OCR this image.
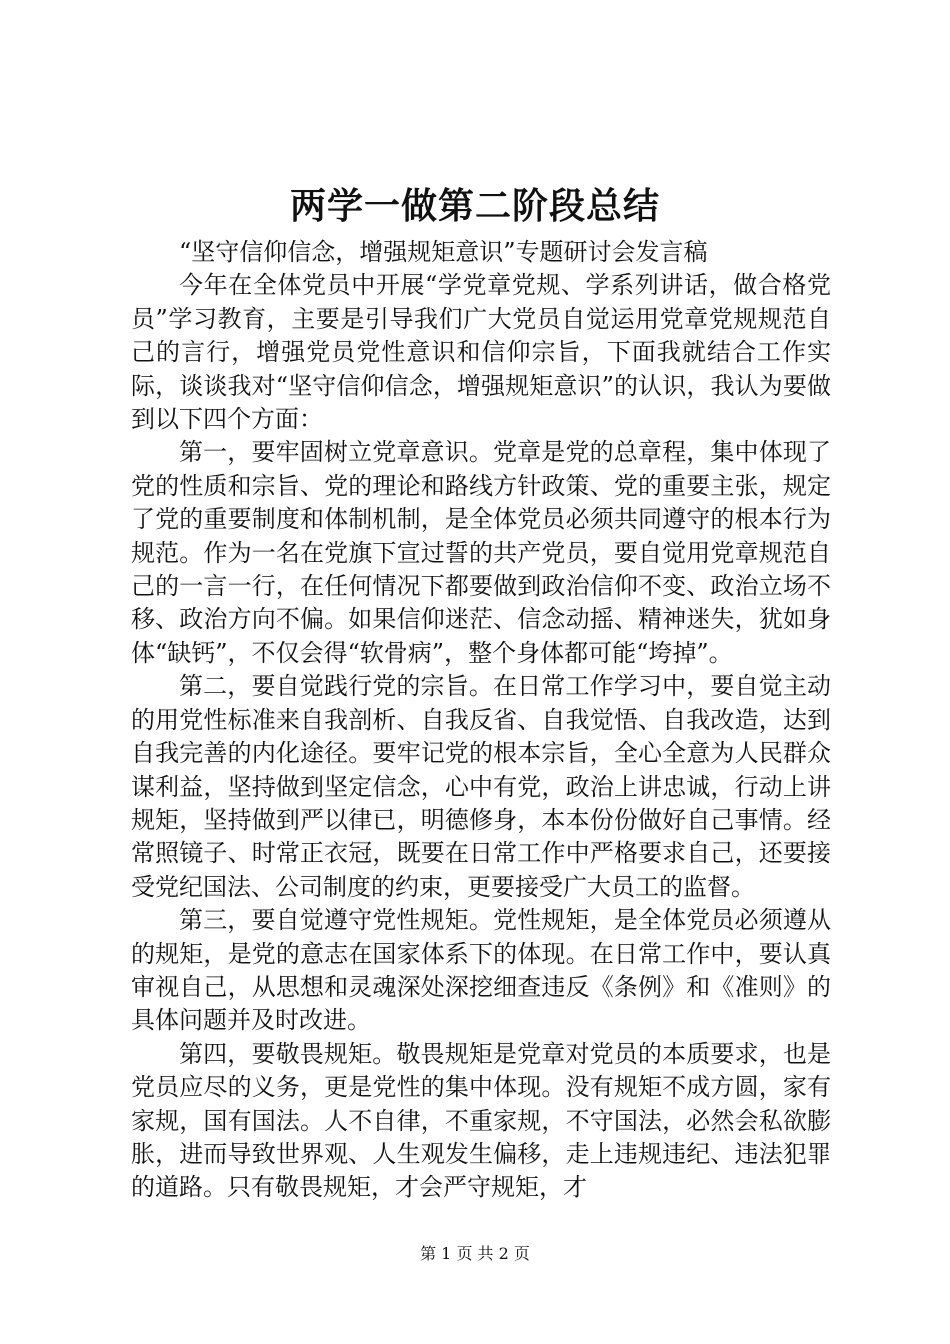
两学一做第二阶段总结

“坚守信仰信念，增强规矩意识”专题研讨会发言稿

今年在全体党员中开展“学党章党规、学系列讲话，做合格党员”学习教育，主要是引导我们广大党员自觉运用党章党规规范自己的言行，增强党员党性意识和信仰宗旨，下面我就结合工作实际，谈谈我对“坚守信仰信念，增强规矩意识”的认识，我认为要做到以下四个方面：

第一，要牢固树立党章意识。党章是党的总章程，集中体现了党的性质和宗旨、党的理论和路线方针政策、党的重要主张，规定了党的重要制度和体制机制，是全体党员必须共同遵守的根本行为规范。作为一名在党旗下宣过誓的共产党员，要自觉用党章规范自己的一言一行，在任何情况下都要做到政治信仰不变、政治立场不移、政治方向不偏。如果信仰迷茫、信念动摇、精神迷失，犹如身体“缺钙”，不仅会得“软骨病”，整个身体都可能“垮掉”。

第二，要自觉践行党的宗旨。在日常工作学习中，要自觉主动的用党性标准来自我剖析、自我反省、自我觉悟、自我改造，达到自我完善的内化途径。要牢记党的根本宗旨，全心全意为人民群众谋利益，坚持做到坚定信念，心中有党，政治上讲忠诚，行动上讲规矩，坚持做到严以律已，明德修身，本本份份做好自己事情。经常照镜子、时常正衣冠，既要在日常工作中严格要求自己，还要接受党纪国法、公司制度的约束，更要接受广大员工的监督。

第三，要自觉遵守党性规矩。党性规矩，是全体党员必须遵从的规矩，是党的意志在国家体系下的体现。在日常工作中，要认真审视自己，从思想和灵魂深处深挖细查违反《条例》和《准则》的具体问题并及时改进。

第四，要敬畏规矩。敬畏规矩是党章对党员的本质要求，也是党员应尽的义务，更是党性的集中体现。没有规矩不成方圆，家有家规，国有国法。人不自律，不重家规，不守国法，必然会私欲膨胀，进而导致世界观、人生观发生偏移，走上违规违纪、违法犯罪的道路。只有敬畏规矩，才会严守规矩，才

第 1 页 共 2 页
